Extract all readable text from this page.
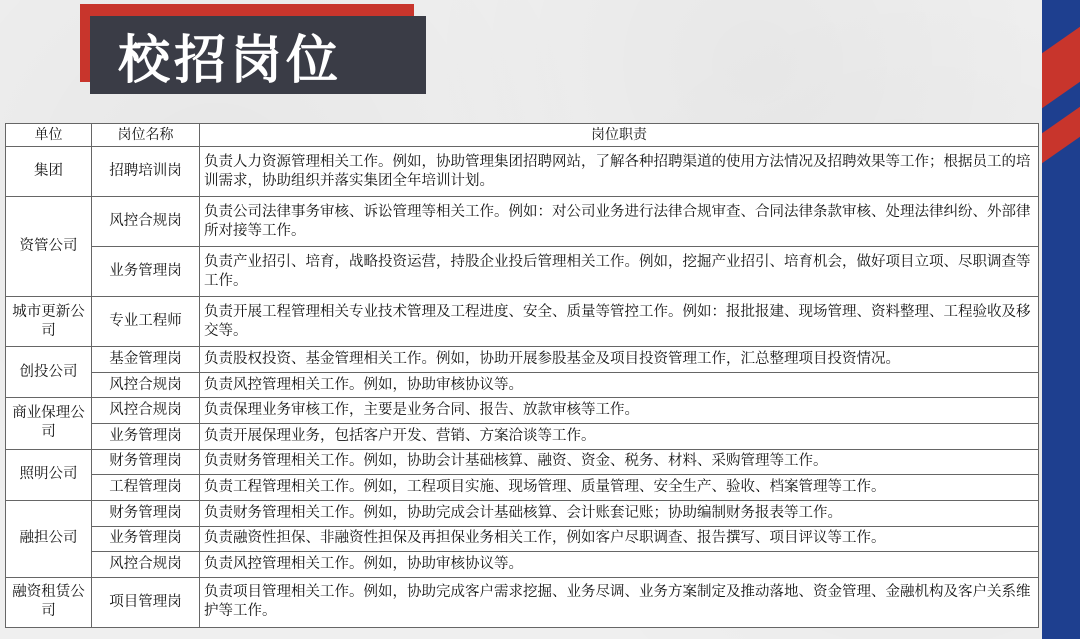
校招岗位
单位	岗位名称	岗位职责
集团	招聘培训岗	负责人力资源管理相关工作。例如，协助管理集团招聘网站，了解各种招聘渠道的使用方法情况及招聘效果等工作；根据员工的培训需求，协助组织并落实集团全年培训计划。
资管公司	风控合规岗	负责公司法律事务审核、诉讼管理等相关工作。例如：对公司业务进行法律合规审查、合同法律条款审核、处理法律纠纷、外部律所对接等工作。
	业务管理岗	负责产业招引、培育，战略投资运营，持股企业投后管理相关工作。例如，挖掘产业招引、培育机会，做好项目立项、尽职调查等工作。
城市更新公司	专业工程师	负责开展工程管理相关专业技术管理及工程进度、安全、质量等管控工作。例如：报批报建、现场管理、资料整理、工程验收及移交等。
创投公司	基金管理岗	负责股权投资、基金管理相关工作。例如，协助开展参股基金及项目投资管理工作，汇总整理项目投资情况。
	风控合规岗	负责风控管理相关工作。例如，协助审核协议等。
商业保理公司	风控合规岗	负责保理业务审核工作，主要是业务合同、报告、放款审核等工作。
	业务管理岗	负责开展保理业务，包括客户开发、营销、方案洽谈等工作。
照明公司	财务管理岗	负责财务管理相关工作。例如，协助会计基础核算、融资、资金、税务、材料、采购管理等工作。
	工程管理岗	负责工程管理相关工作。例如，工程项目实施、现场管理、质量管理、安全生产、验收、档案管理等工作。
融担公司	财务管理岗	负责财务管理相关工作。例如，协助完成会计基础核算、会计账套记账；协助编制财务报表等工作。
	业务管理岗	负责融资性担保、非融资性担保及再担保业务相关工作，例如客户尽职调查、报告撰写、项目评议等工作。
	风控合规岗	负责风控管理相关工作。例如，协助审核协议等。
融资租赁公司	项目管理岗	负责项目管理相关工作。例如，协助完成客户需求挖掘、业务尽调、业务方案制定及推动落地、资金管理、金融机构及客户关系维护等工作。
